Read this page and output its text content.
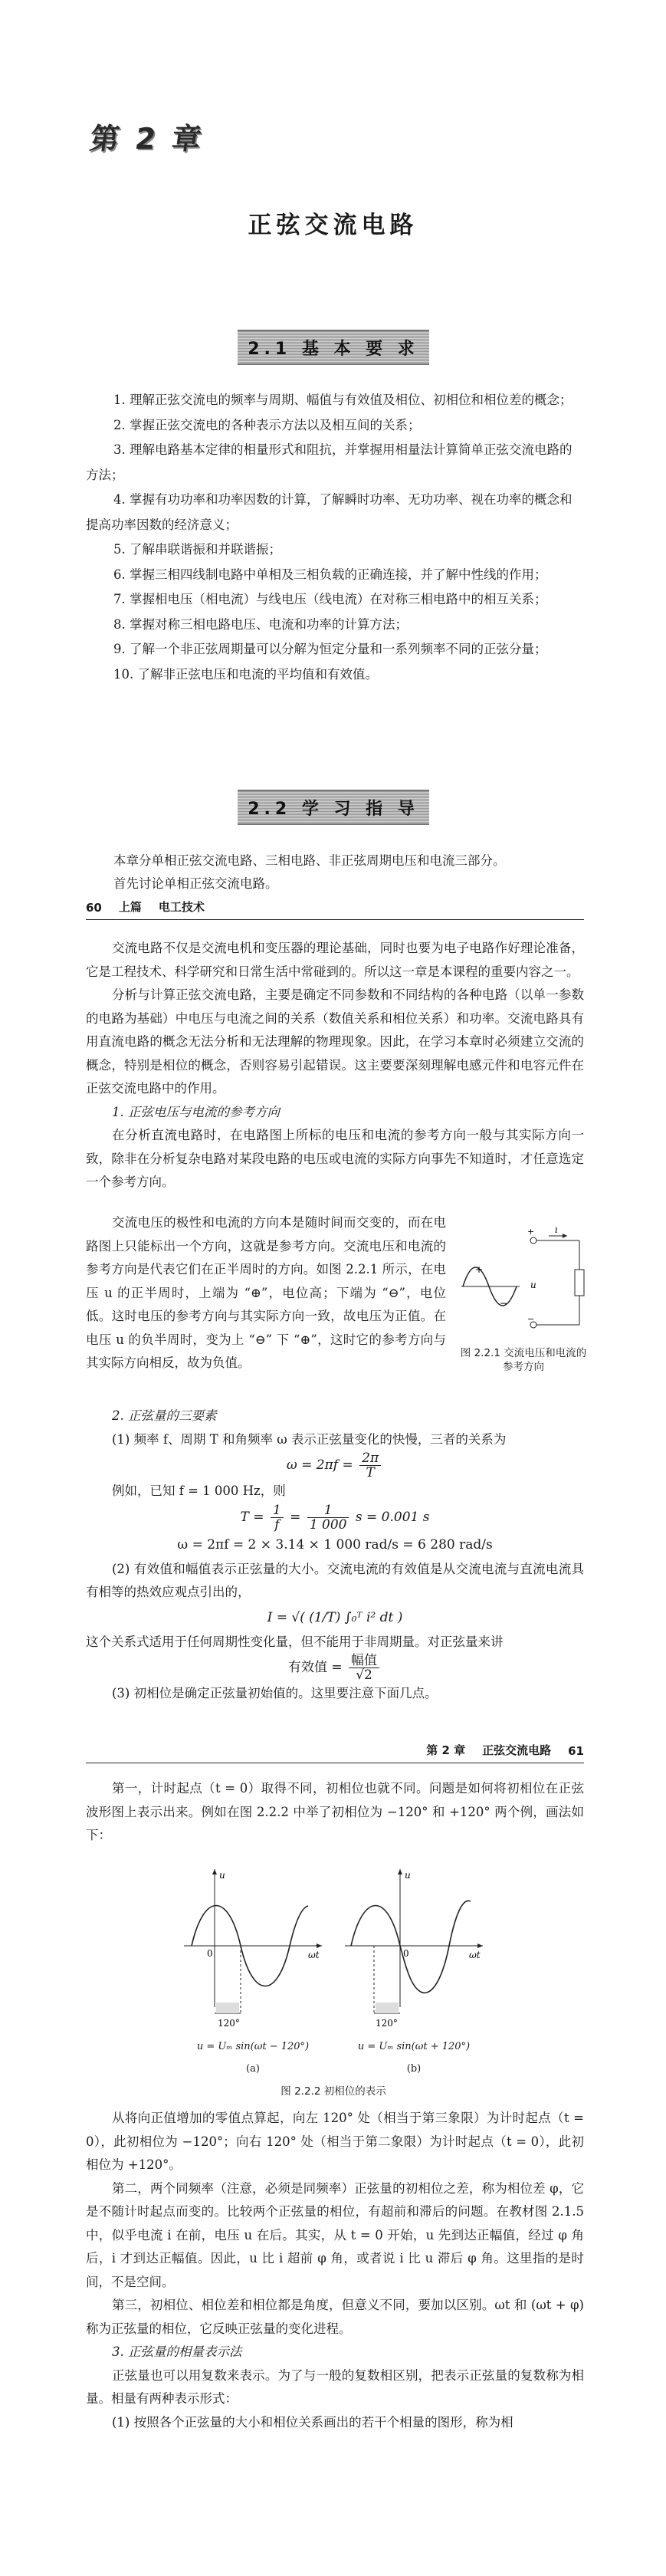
第 2 章
正弦交流电路
2.1 基 本 要 求
1. 理解正弦交流电的频率与周期、幅值与有效值及相位、初相位和相位差的概念；
2. 掌握正弦交流电的各种表示方法以及相互间的关系；
3. 理解电路基本定律的相量形式和阻抗，并掌握用相量法计算简单正弦交流电路的方法；
4. 掌握有功功率和功率因数的计算，了解瞬时功率、无功功率、视在功率的概念和提高功率因数的经济意义；
5. 了解串联谐振和并联谐振；
6. 掌握三相四线制电路中单相及三相负载的正确连接，并了解中性线的作用；
7. 掌握相电压（相电流）与线电压（线电流）在对称三相电路中的相互关系；
8. 掌握对称三相电路电压、电流和功率的计算方法；
9. 了解一个非正弦周期量可以分解为恒定分量和一系列频率不同的正弦分量；
10. 了解非正弦电压和电流的平均值和有效值。
2.2 学 习 指 导
本章分单相正弦交流电路、三相电路、非正弦周期电压和电流三部分。
首先讨论单相正弦交流电路。
60 上篇 电工技术

交流电路不仅是交流电机和变压器的理论基础，同时也要为电子电路作好理论准备，它是工程技术、科学研究和日常生活中常碰到的。所以这一章是本课程的重要内容之一。

分析与计算正弦交流电路，主要是确定不同参数和不同结构的各种电路（以单一参数的电路为基础）中电压与电流之间的关系（数值关系和相位关系）和功率。交流电路具有用直流电路的概念无法分析和无法理解的物理现象。因此，在学习本章时必须建立交流的概念，特别是相位的概念，否则容易引起错误。这主要要深刻理解电感元件和电容元件在正弦交流电路中的作用。

1. 正弦电压与电流的参考方向

在分析直流电路时，在电路图上所标的电压和电流的参考方向一般与其实际方向一致，除非在分析复杂电路对某段电路的电压或电流的实际方向事先不知道时，才任意选定一个参考方向。

交流电压的极性和电流的方向本是随时间而交变的，而在电路图上只能标出一个方向，这就是参考方向。交流电压和电流的参考方向是代表它们在正半周时的方向。如图 2.2.1 所示，在电压 u 的正半周时，上端为 “⊕”，电位高；下端为 “⊖”，电位低。这时电压的参考方向与其实际方向一致，故电压为正值。在电压 u 的负半周时，变为上 “⊖” 下 “⊕”，这时它的参考方向与其实际方向相反，故为负值。

+
−
+
−
i
u
图 2.2.1 交流电压和电流的参考方向

2. 正弦量的三要素

(1) 频率 f、周期 T 和角频率 ω 表示正弦量变化的快慢，三者的关系为

$\omega = 2\pi f = \frac{2\pi}{T}$

例如，已知 f = 1 000 Hz，则

$T = \frac{1}{f} = \frac{1}{1 000}$ s = 0.001 s
ω = 2πf = 2 × 3.14 × 1 000 rad/s = 6 280 rad/s

(2) 有效值和幅值表示正弦量的大小。交流电流的有效值是从交流电流与直流电流具有相等的热效应观点引出的，

I = √( (1/T) ∫₀ᵀ i² dt )

这个关系式适用于任何周期性变化量，但不能用于非周期量。对正弦量来讲

有效值 = $\frac{\text{幅值}}{√2}$

(3) 初相位是确定正弦量初始值的。这里要注意下面几点。

第 2 章 正弦交流电路 61

第一，计时起点（t = 0）取得不同，初相位也就不同。问题是如何将初相位在正弦波形图上表示出来。例如在图 2.2.2 中举了初相位为 −120° 和 +120° 两个例，画法如下：

120°
0
u
ωt
120°
0
u
ωt
u = Uₘ sin(ωt − 120°)	u = Uₘ sin(ωt + 120°)
(a)	(b)
图 2.2.2 初相位的表示

从将向正值增加的零值点算起，向左 120° 处（相当于第三象限）为计时起点（t = 0），此初相位为 −120°；向右 120° 处（相当于第二象限）为计时起点（t = 0），此初相位为 +120°。

第二，两个同频率（注意，必须是同频率）正弦量的初相位之差，称为相位差 φ，它是不随计时起点而变的。比较两个正弦量的相位，有超前和滞后的问题。在教材图 2.1.5 中，似乎电流 i 在前，电压 u 在后。其实，从 t = 0 开始，u 先到达正幅值，经过 φ 角后，i 才到达正幅值。因此，u 比 i 超前 φ 角，或者说 i 比 u 滞后 φ 角。这里指的是时间，不是空间。

第三，初相位、相位差和相位都是角度，但意义不同，要加以区别。ωt 和 (ωt + φ) 称为正弦量的相位，它反映正弦量的变化进程。

3. 正弦量的相量表示法

正弦量也可以用复数来表示。为了与一般的复数相区别，把表示正弦量的复数称为相量。相量有两种表示形式：

(1) 按照各个正弦量的大小和相位关系画出的若干个相量的图形，称为相
